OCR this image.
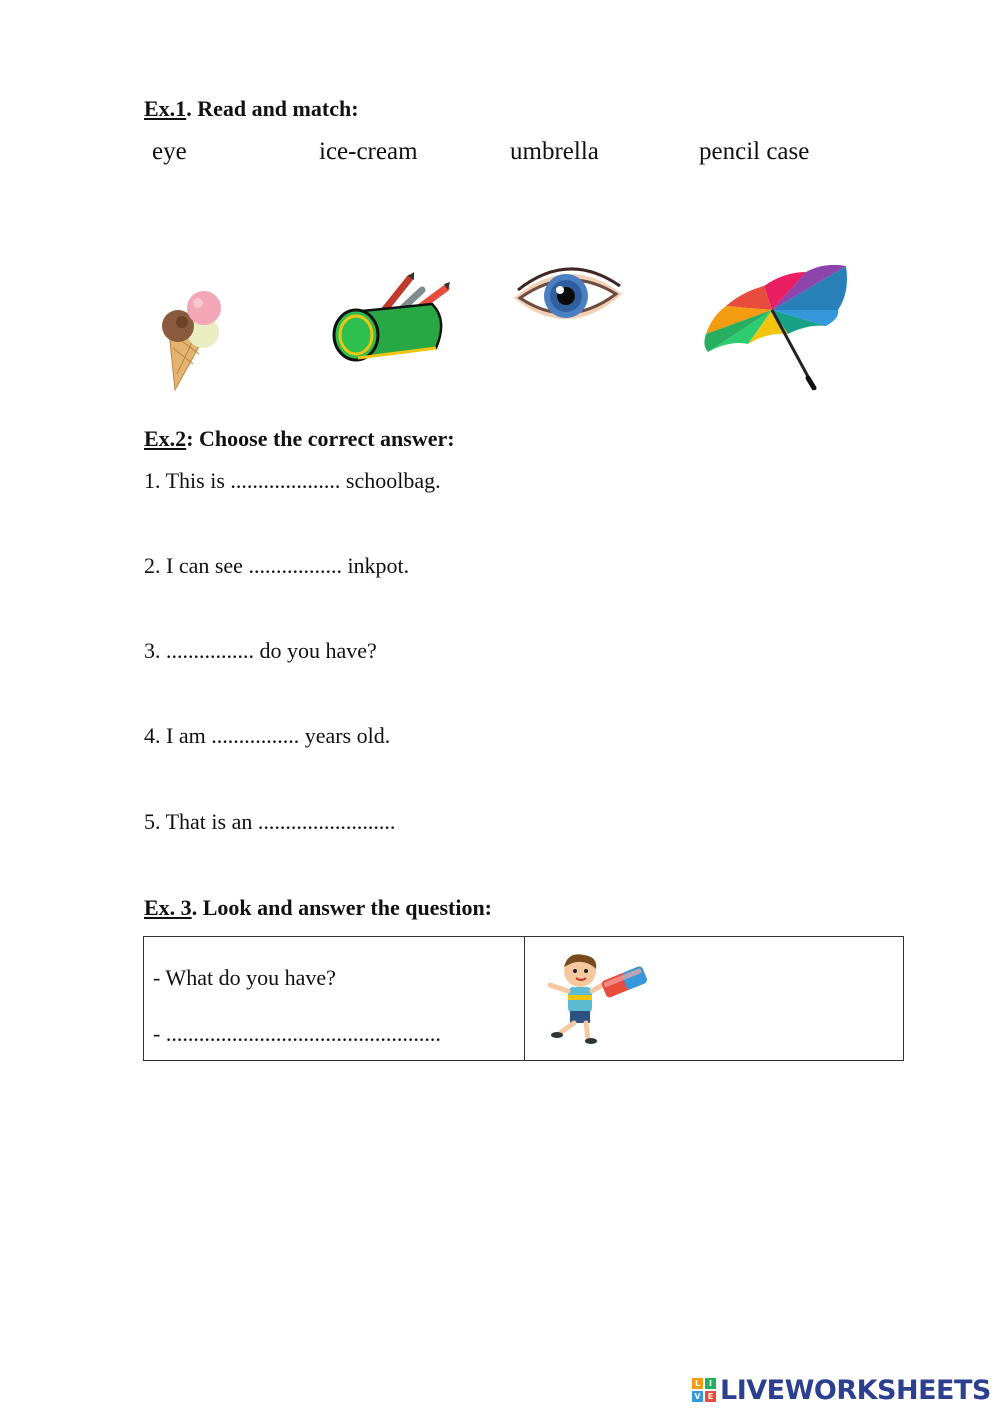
Ex.1. Read and match:
eye	ice-cream	umbrella	pencil case
Ex.2: Choose the correct answer:
1. This is .................... schoolbag.
2. I can see ................. inkpot.
3. ................ do you have?
4. I am ................ years old.
5. That is an .........................
Ex. 3. Look and answer the question:
- What do you have?
- ..................................................
L	I
V E LIVEWORKSHEETS
